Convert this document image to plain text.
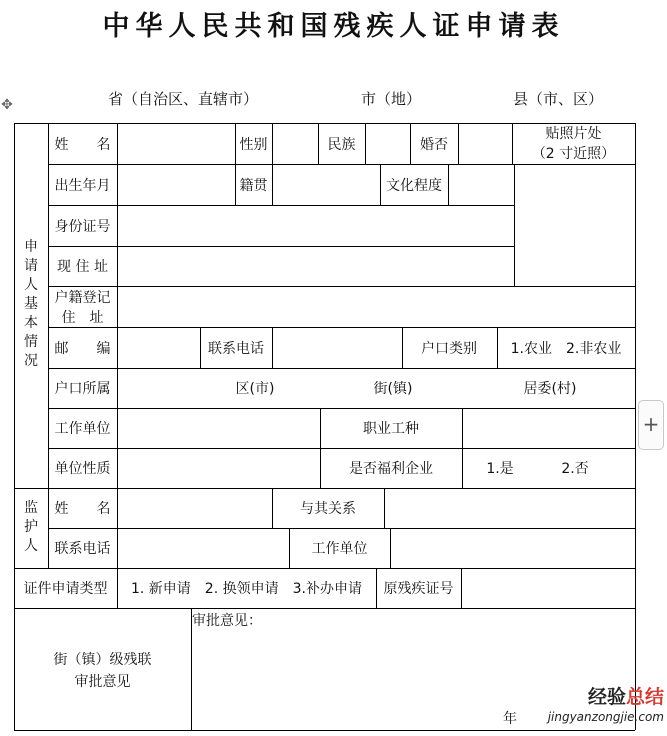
中华人民共和国残疾人证申请表
✥	省（自治区、直辖市）	市（地）	县（市、区）
申请人基本情况
监护人
姓　　名	性别	民族	婚否
贴照片处
（2 寸近照）
出生年月	籍贯	文化程度
身份证号
现 住 址
户籍登记
住　址
邮　　编	联系电话	户口类别	1.农业　2.非农业
户口所属	区(市)	街(镇)	居委(村)
工作单位	职业工种
单位性质	是否福利企业	1.是	2.否
姓　　名	与其关系
联系电话	工作单位
证件申请类型	1. 新申请　2. 换领申请　3.补办申请	原残疾证号
街（镇）级残联
审批意见
审批意见：
年
+
经验总结
jingyanzongjie.com
